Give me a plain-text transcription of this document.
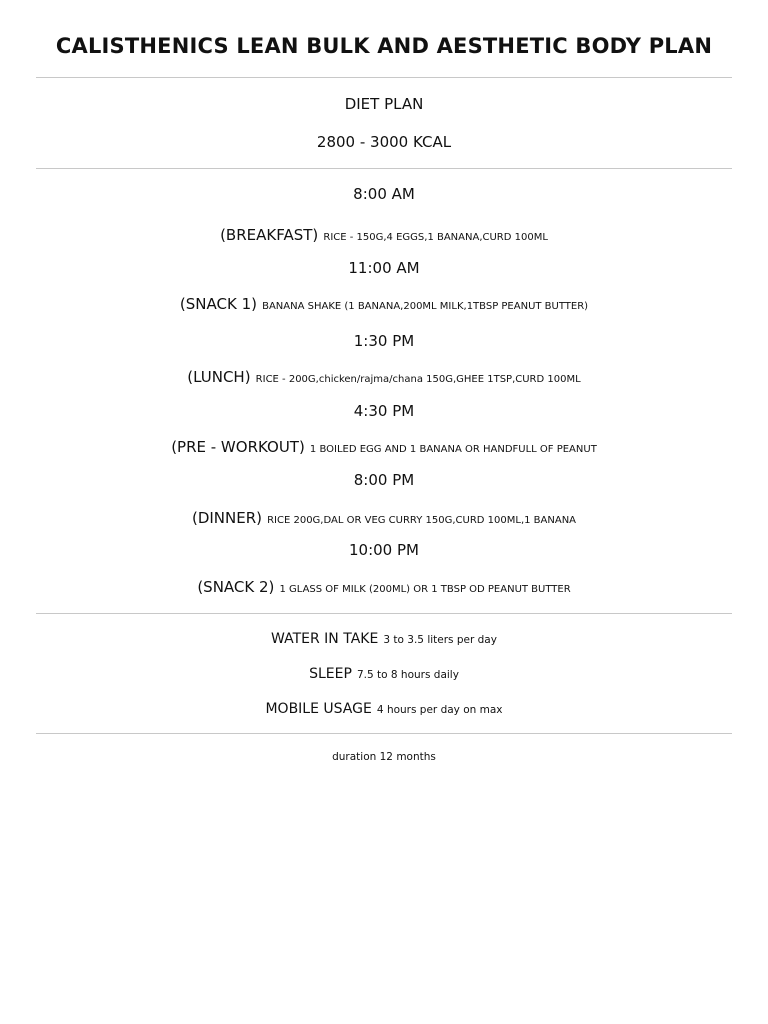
CALISTHENICS LEAN BULK AND AESTHETIC BODY PLAN
DIET PLAN
2800 - 3000 KCAL
8:00 AM
(BREAKFAST) RICE - 150G,4 EGGS,1 BANANA,CURD 100ML
11:00 AM
(SNACK 1) BANANA SHAKE (1 BANANA,200ML MILK,1TBSP PEANUT BUTTER)
1:30 PM
(LUNCH) RICE - 200G,chicken/rajma/chana 150G,GHEE 1TSP,CURD 100ML
4:30 PM
(PRE - WORKOUT) 1 BOILED EGG AND 1 BANANA OR HANDFULL OF PEANUT
8:00 PM
(DINNER) RICE 200G,DAL OR VEG CURRY 150G,CURD 100ML,1 BANANA
10:00 PM
(SNACK 2) 1 GLASS OF MILK (200ML) OR 1 TBSP OD PEANUT BUTTER
WATER IN TAKE 3 to 3.5 liters per day
SLEEP 7.5 to 8 hours daily
MOBILE USAGE 4 hours per day on max
duration 12 months
